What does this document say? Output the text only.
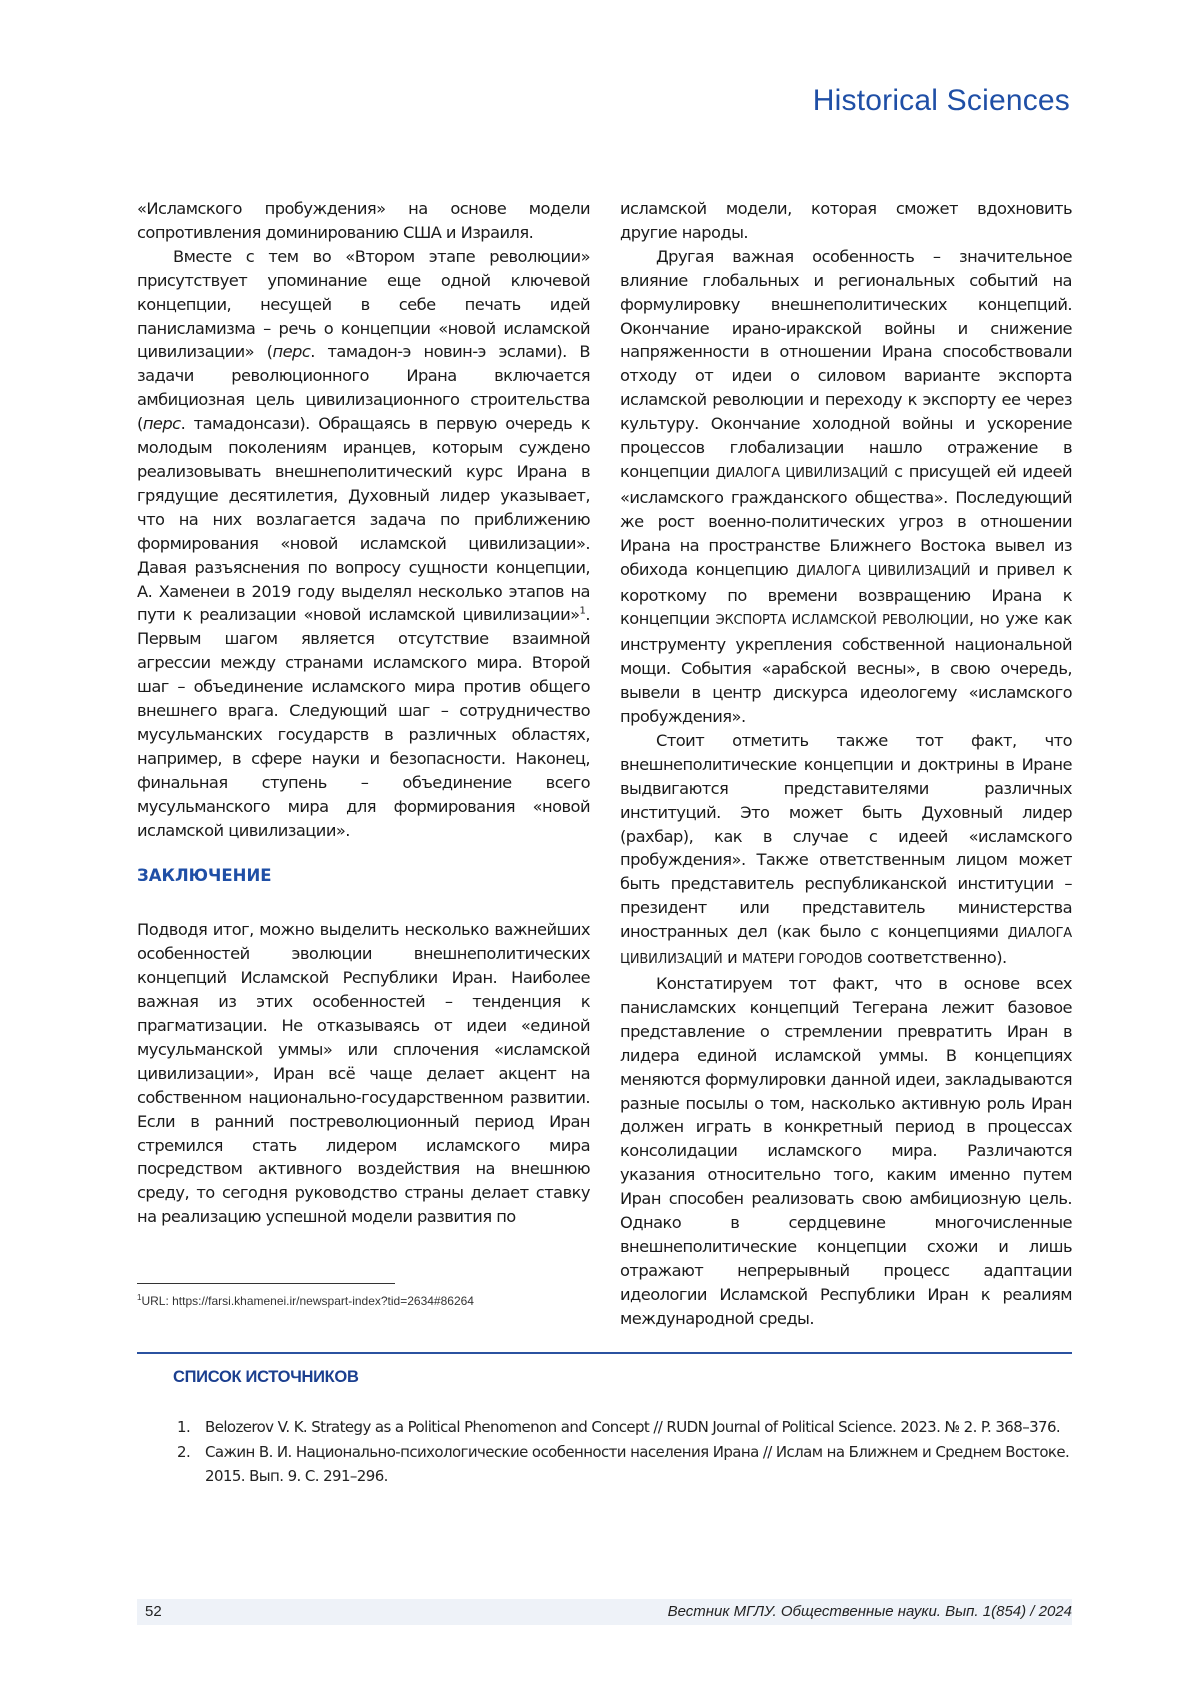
Historical Sciences

«Исламского пробуждения» на основе модели сопротивления доминированию США и Израиля.

Вместе с тем во «Втором этапе революции» присутствует упоминание еще одной ключевой концепции, несущей в себе печать идей панисламизма – речь о концепции «новой исламской цивилизации» (перс. тамадон-э новин-э эслами). В задачи революционного Ирана включается амбициозная цель цивилизационного строительства (перс. тамадонсази). Обращаясь в первую очередь к молодым поколениям иранцев, которым суждено реализовывать внешнеполитический курс Ирана в грядущие десятилетия, Духовный лидер указывает, что на них возлагается задача по приближению формирования «новой исламской цивилизации». Давая разъяснения по вопросу сущности концепции, А. Хаменеи в 2019 году выделял несколько этапов на пути к реализации «новой исламской цивилизации»$^1$. Первым шагом является отсутствие взаимной агрессии между странами исламского мира. Второй шаг – объединение исламского мира против общего внешнего врага. Следующий шаг – сотрудничество мусульманских государств в различных областях, например, в сфере науки и безопасности. Наконец, финальная ступень – объединение всего мусульманского мира для формирования «новой исламской цивилизации».

ЗАКЛЮЧЕНИЕ

Подводя итог, можно выделить несколько важнейших особенностей эволюции внешнеполитических концепций Исламской Республики Иран. Наиболее важная из этих особенностей – тенденция к прагматизации. Не отказываясь от идеи «единой мусульманской уммы» или сплочения «исламской цивилизации», Иран всё чаще делает акцент на собственном национально-государственном развитии. Если в ранний постреволюционный период Иран стремился стать лидером исламского мира посредством активного воздействия на внешнюю среду, то сегодня руководство страны делает ставку на реализацию успешной модели развития по

исламской модели, которая сможет вдохновить другие народы.

Другая важная особенность – значительное влияние глобальных и региональных событий на формулировку внешнеполитических концепций. Окончание ирано-иракской войны и снижение напряженности в отношении Ирана способствовали отходу от идеи о силовом варианте экспорта исламской революции и переходу к экспорту ее через культуру. Окончание холодной войны и ускорение процессов глобализации нашло отражение в концепции ДИАЛОГА ЦИВИЛИЗАЦИЙ с присущей ей идеей «исламского гражданского общества». Последующий же рост военно-политических угроз в отношении Ирана на пространстве Ближнего Востока вывел из обихода концепцию ДИАЛОГА ЦИВИЛИЗАЦИЙ и привел к короткому по времени возвращению Ирана к концепции ЭКСПОРТА ИСЛАМСКОЙ РЕВОЛЮЦИИ, но уже как инструменту укрепления собственной национальной мощи. События «арабской весны», в свою очередь, вывели в центр дискурса идеологему «исламского пробуждения».

Стоит отметить также тот факт, что внешнеполитические концепции и доктрины в Иране выдвигаются представителями различных институций. Это может быть Духовный лидер (рахбар), как в случае с идеей «исламского пробуждения». Также ответственным лицом может быть представитель республиканской институции – президент или представитель министерства иностранных дел (как было с концепциями ДИАЛОГА ЦИВИЛИЗАЦИЙ и МАТЕРИ ГОРОДОВ соответственно).

Констатируем тот факт, что в основе всех панисламских концепций Тегерана лежит базовое представление о стремлении превратить Иран в лидера единой исламской уммы. В концепциях меняются формулировки данной идеи, закладываются разные посылы о том, насколько активную роль Иран должен играть в конкретный период в процессах консолидации исламского мира. Различаются указания относительно того, каким именно путем Иран способен реализовать свою амбициозную цель. Однако в сердцевине многочисленные внешнеполитические концепции схожи и лишь отражают непрерывный процесс адаптации идеологии Исламской Республики Иран к реалиям международной среды.

$^1$URL: https://farsi.khamenei.ir/newspart-index?tid=2634#86264
СПИСОК ИСТОЧНИКОВ
1. Belozerov V. K. Strategy as a Political Phenomenon and Concept // RUDN Journal of Political Science. 2023. № 2. P. 368–376.
2. Сажин В. И. Национально-психологические особенности населения Ирана // Ислам на Ближнем и Среднем Востоке. 2015. Вып. 9. С. 291–296.
52	Вестник МГЛУ. Общественные науки. Вып. 1(854) / 2024
